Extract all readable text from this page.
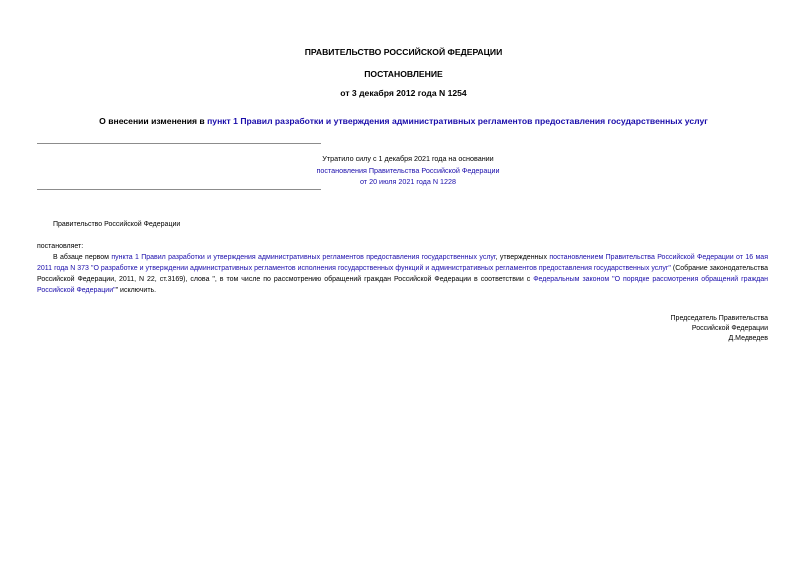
ПРАВИТЕЛЬСТВО РОССИЙСКОЙ ФЕДЕРАЦИИ
ПОСТАНОВЛЕНИЕ
от 3 декабря 2012 года N 1254
О внесении изменения в пункт 1 Правил разработки и утверждения административных регламентов предоставления государственных услуг
Утратило силу с 1 декабря 2021 года на основании
постановления Правительства Российской Федерации
от 20 июля 2021 года N 1228
Правительство Российской Федерации
постановляет:
В абзаце первом пункта 1 Правил разработки и утверждения административных регламентов предоставления государственных услуг, утвержденных постановлением Правительства Российской Федерации от 16 мая 2011 года N 373 "О разработке и утверждении административных регламентов исполнения государственных функций и административных регламентов предоставления государственных услуг" (Собрание законодательства Российской Федерации, 2011, N 22, ст.3169), слова ", в том числе по рассмотрению обращений граждан Российской Федерации в соответствии с Федеральным законом "О порядке рассмотрения обращений граждан Российской Федерации"" исключить.
Председатель Правительства
Российской Федерации
Д.Медведев
